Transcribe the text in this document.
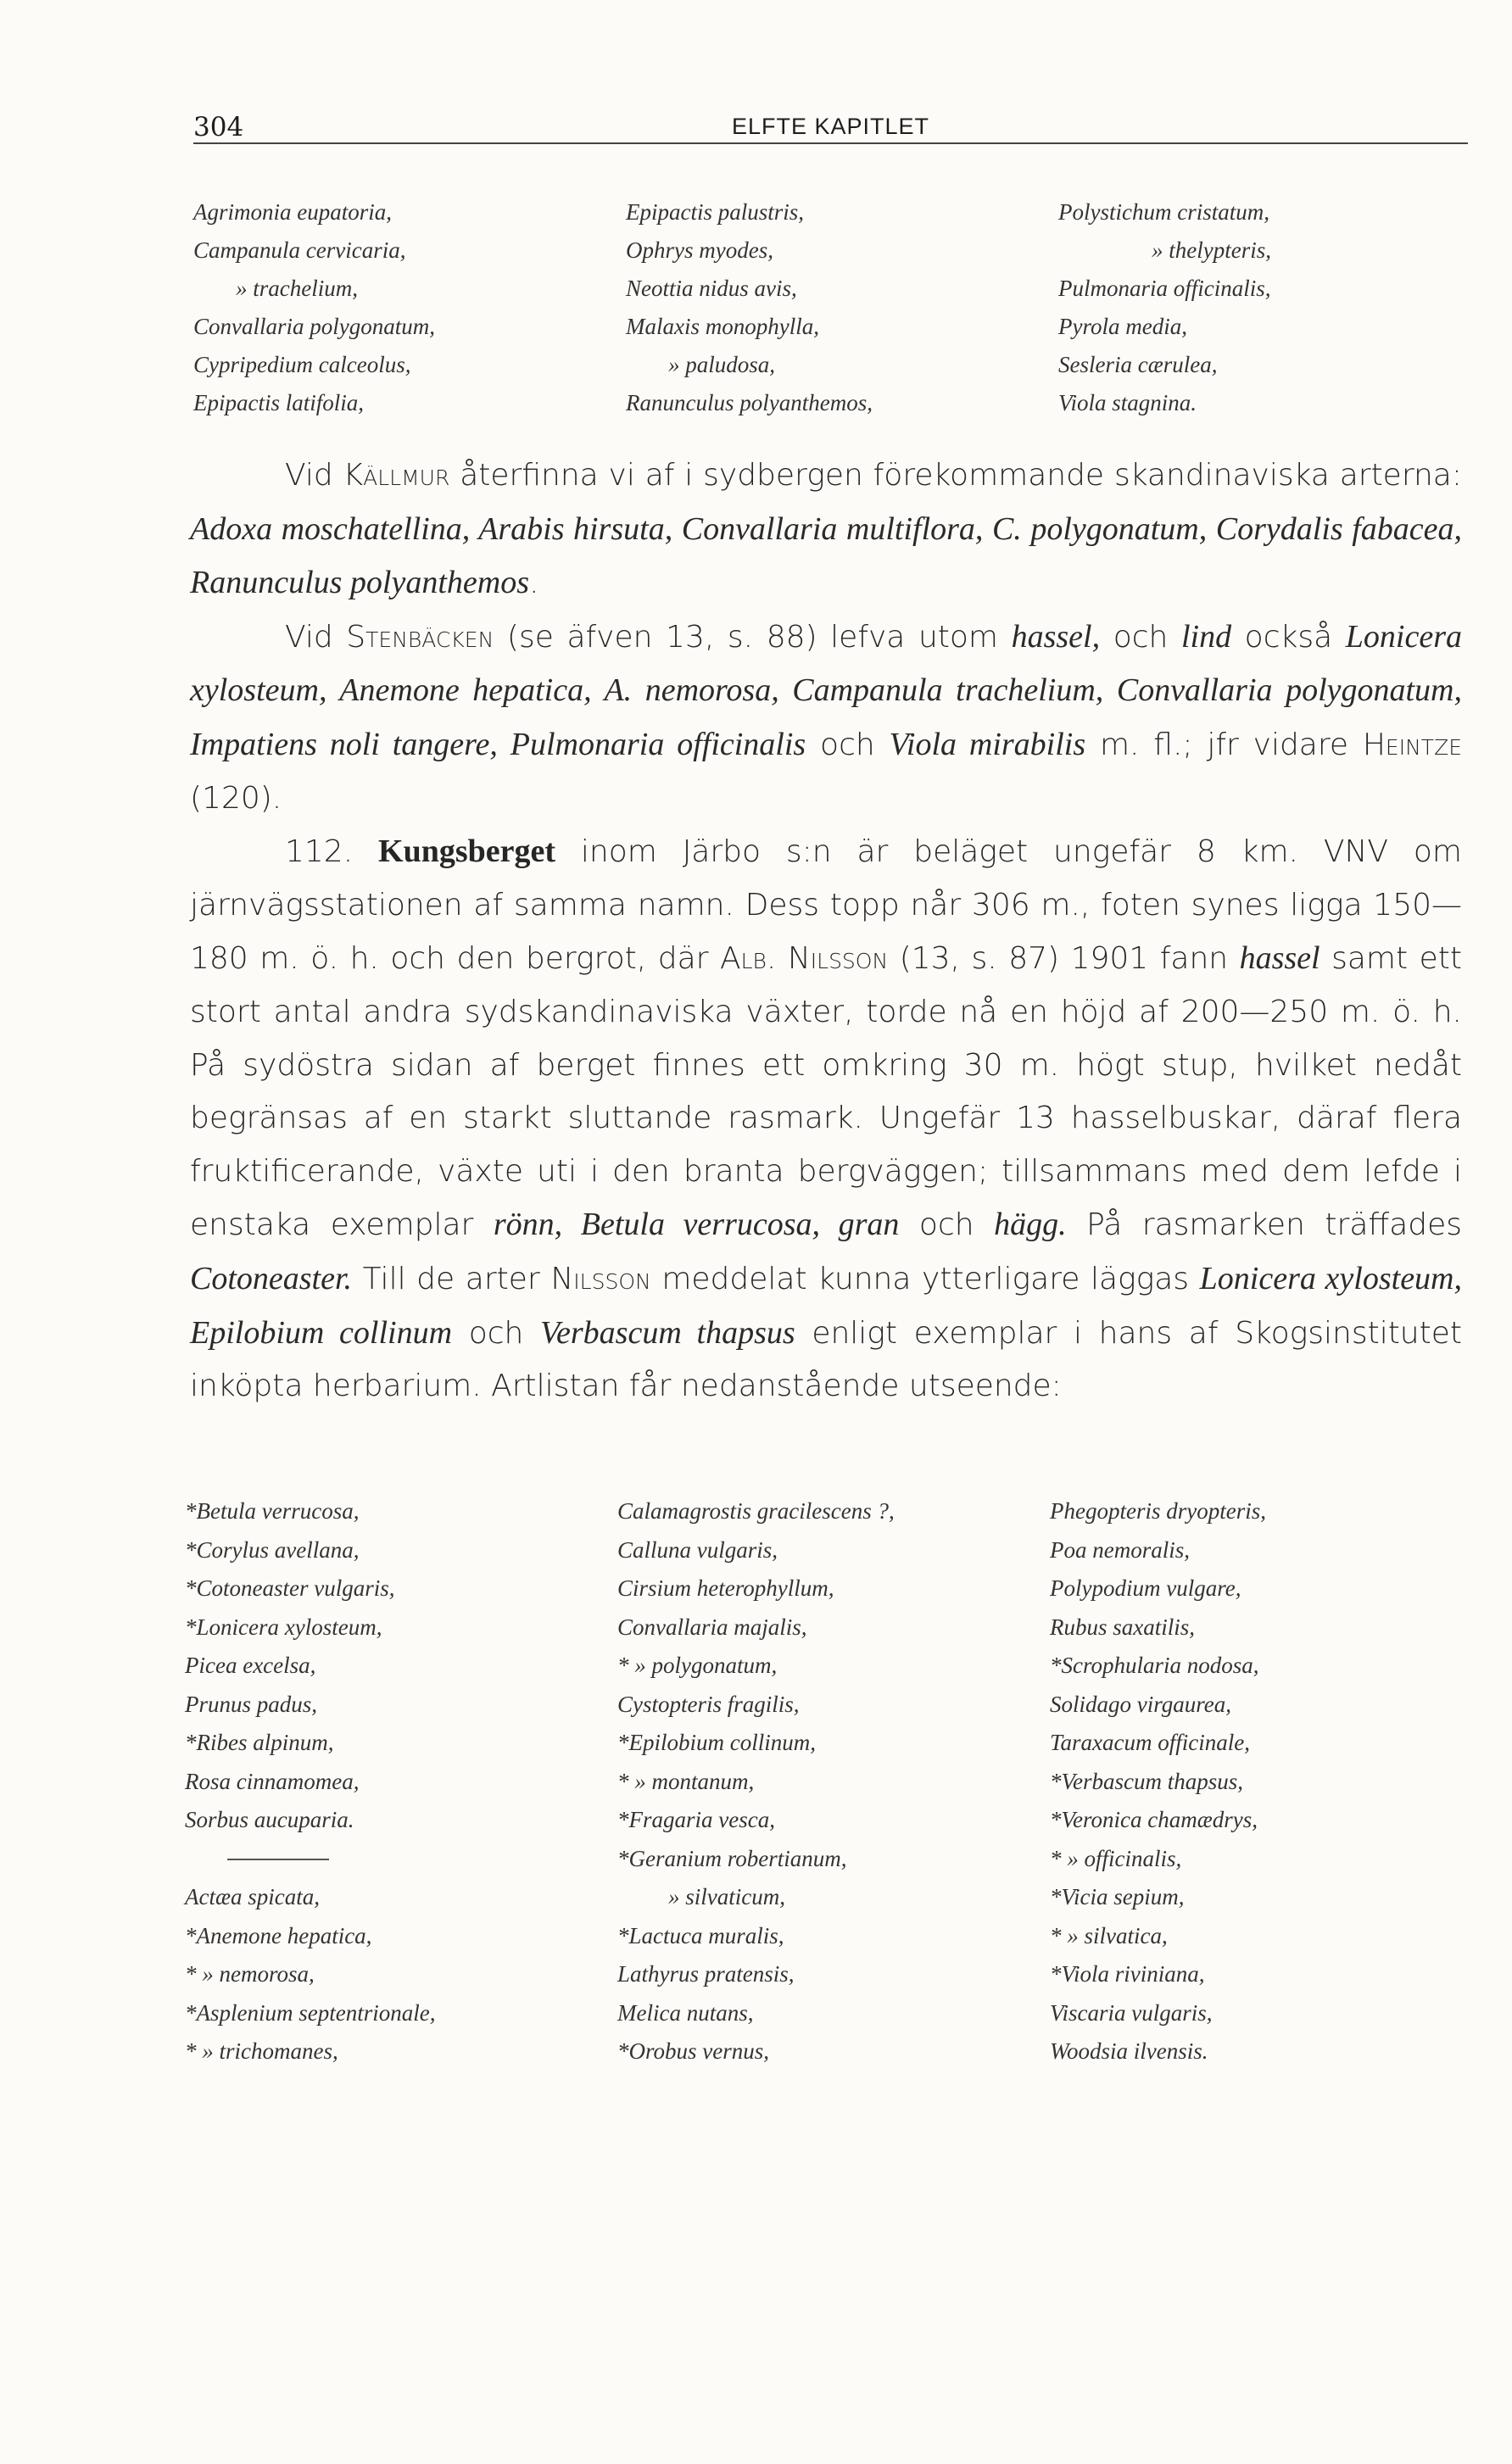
304	ELFTE KAPITLET
Agrimonia eupatoria,
Campanula cervicaria,
» trachelium,
Convallaria polygonatum,
Cypripedium calceolus,
Epipactis latifolia,
Epipactis palustris,
Ophrys myodes,
Neottia nidus avis,
Malaxis monophylla,
» paludosa,
Ranunculus polyanthemos,
Polystichum cristatum,
» thelypteris,
Pulmonaria officinalis,
Pyrola media,
Sesleria cærulea,
Viola stagnina.

Vid Källmur återfinna vi af i sydbergen förekommande skandinaviska arterna: Adoxa moschatellina, Arabis hirsuta, Convallaria multiflora, C. polygonatum, Corydalis fabacea, Ranunculus polyanthemos.

Vid Stenbäcken (se äfven 13, s. 88) lefva utom hassel, och lind också Lonicera xylosteum, Anemone hepatica, A. nemorosa, Campanula trachelium, Convallaria polygonatum, Impatiens noli tangere, Pulmonaria officinalis och Viola mirabilis m. fl.; jfr vidare Heintze (120).

112. Kungsberget inom Järbo s:n är beläget ungefär 8 km. VNV om järnvägsstationen af samma namn. Dess topp når 306 m., foten synes ligga 150—180 m. ö. h. och den bergrot, där Alb. Nilsson (13, s. 87) 1901 fann hassel samt ett stort antal andra sydskandinaviska växter, torde nå en höjd af 200—250 m. ö. h. På sydöstra sidan af berget finnes ett omkring 30 m. högt stup, hvilket nedåt begränsas af en starkt sluttande rasmark. Ungefär 13 hasselbuskar, däraf flera fruktificerande, växte uti i den branta bergväggen; tillsammans med dem lefde i enstaka exemplar rönn, Betula verrucosa, gran och hägg. På rasmarken träffades Cotoneaster. Till de arter Nilsson meddelat kunna ytterligare läggas Lonicera xylosteum, Epilobium collinum och Verbascum thapsus enligt exemplar i hans af Skogsinstitutet inköpta herbarium. Artlistan får nedanstående utseende:

*Betula verrucosa,
*Corylus avellana,
*Cotoneaster vulgaris,
*Lonicera xylosteum,
Picea excelsa,
Prunus padus,
*Ribes alpinum,
Rosa cinnamomea,
Sorbus aucuparia.
Actæa spicata,
*Anemone hepatica,
* » nemorosa,
*Asplenium septentrionale,
* » trichomanes,
Calamagrostis gracilescens ?,
Calluna vulgaris,
Cirsium heterophyllum,
Convallaria majalis,
* » polygonatum,
Cystopteris fragilis,
*Epilobium collinum,
* » montanum,
*Fragaria vesca,
*Geranium robertianum,
» silvaticum,
*Lactuca muralis,
Lathyrus pratensis,
Melica nutans,
*Orobus vernus,
Phegopteris dryopteris,
Poa nemoralis,
Polypodium vulgare,
Rubus saxatilis,
*Scrophularia nodosa,
Solidago virgaurea,
Taraxacum officinale,
*Verbascum thapsus,
*Veronica chamædrys,
* » officinalis,
*Vicia sepium,
* » silvatica,
*Viola riviniana,
Viscaria vulgaris,
Woodsia ilvensis.
